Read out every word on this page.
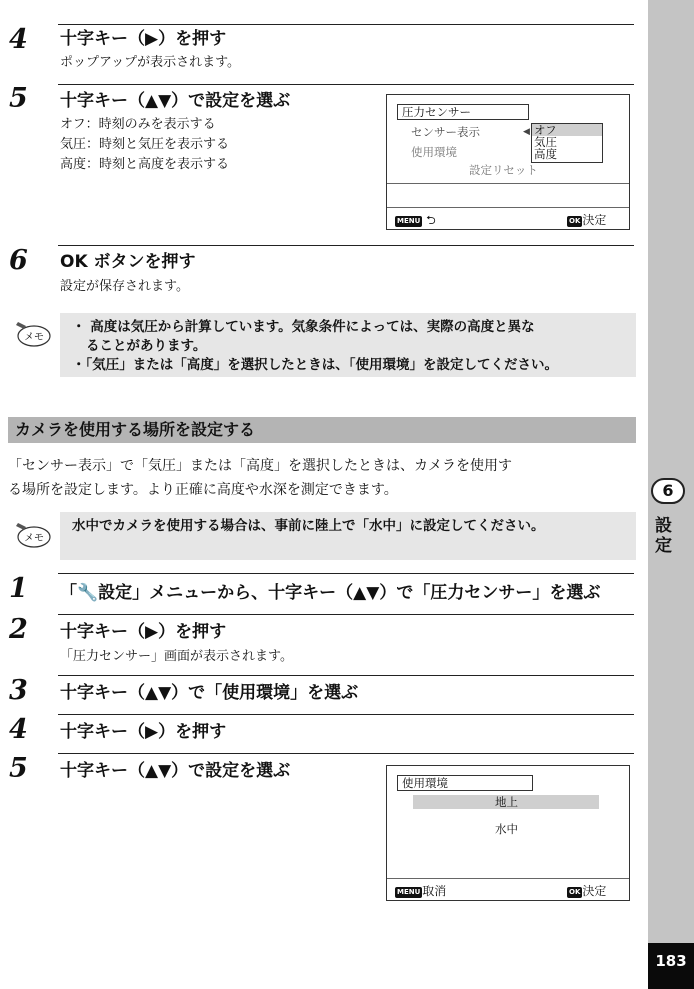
6
設定
183
4 十字キー（▶）を押す
ポップアップが表示されます。
5 十字キー（▲▼）で設定を選ぶ
オフ：時刻のみを表示する
気圧：時刻と気圧を表示する
高度：時刻と高度を表示する
圧力センサー
センサー表示	◀ オフ
気圧
高度
使用環境
設定リセット
MENU ⮌	OK 決定
6 OK ボタンを押す
設定が保存されます。
メモ
・ 高度は気圧から計算しています。気象条件によっては、実際の高度と異な
ることがあります。
・「気圧」または「高度」を選択したときは、「使用環境」を設定してください。
カメラを使用する場所を設定する
「センサー表示」で「気圧」または「高度」を選択したときは、カメラを使用す
る場所を設定します。より正確に高度や水深を測定できます。
メモ
水中でカメラを使用する場合は、事前に陸上で「水中」に設定してください。
1 「🔧設定」メニューから、十字キー（▲▼）で「圧力センサー」を選ぶ
2 十字キー（▶）を押す
「圧力センサー」画面が表示されます。
3 十字キー（▲▼）で「使用環境」を選ぶ
4 十字キー（▶）を押す
5 十字キー（▲▼）で設定を選ぶ
使用環境
地上
水中
MENU 取消	OK 決定
